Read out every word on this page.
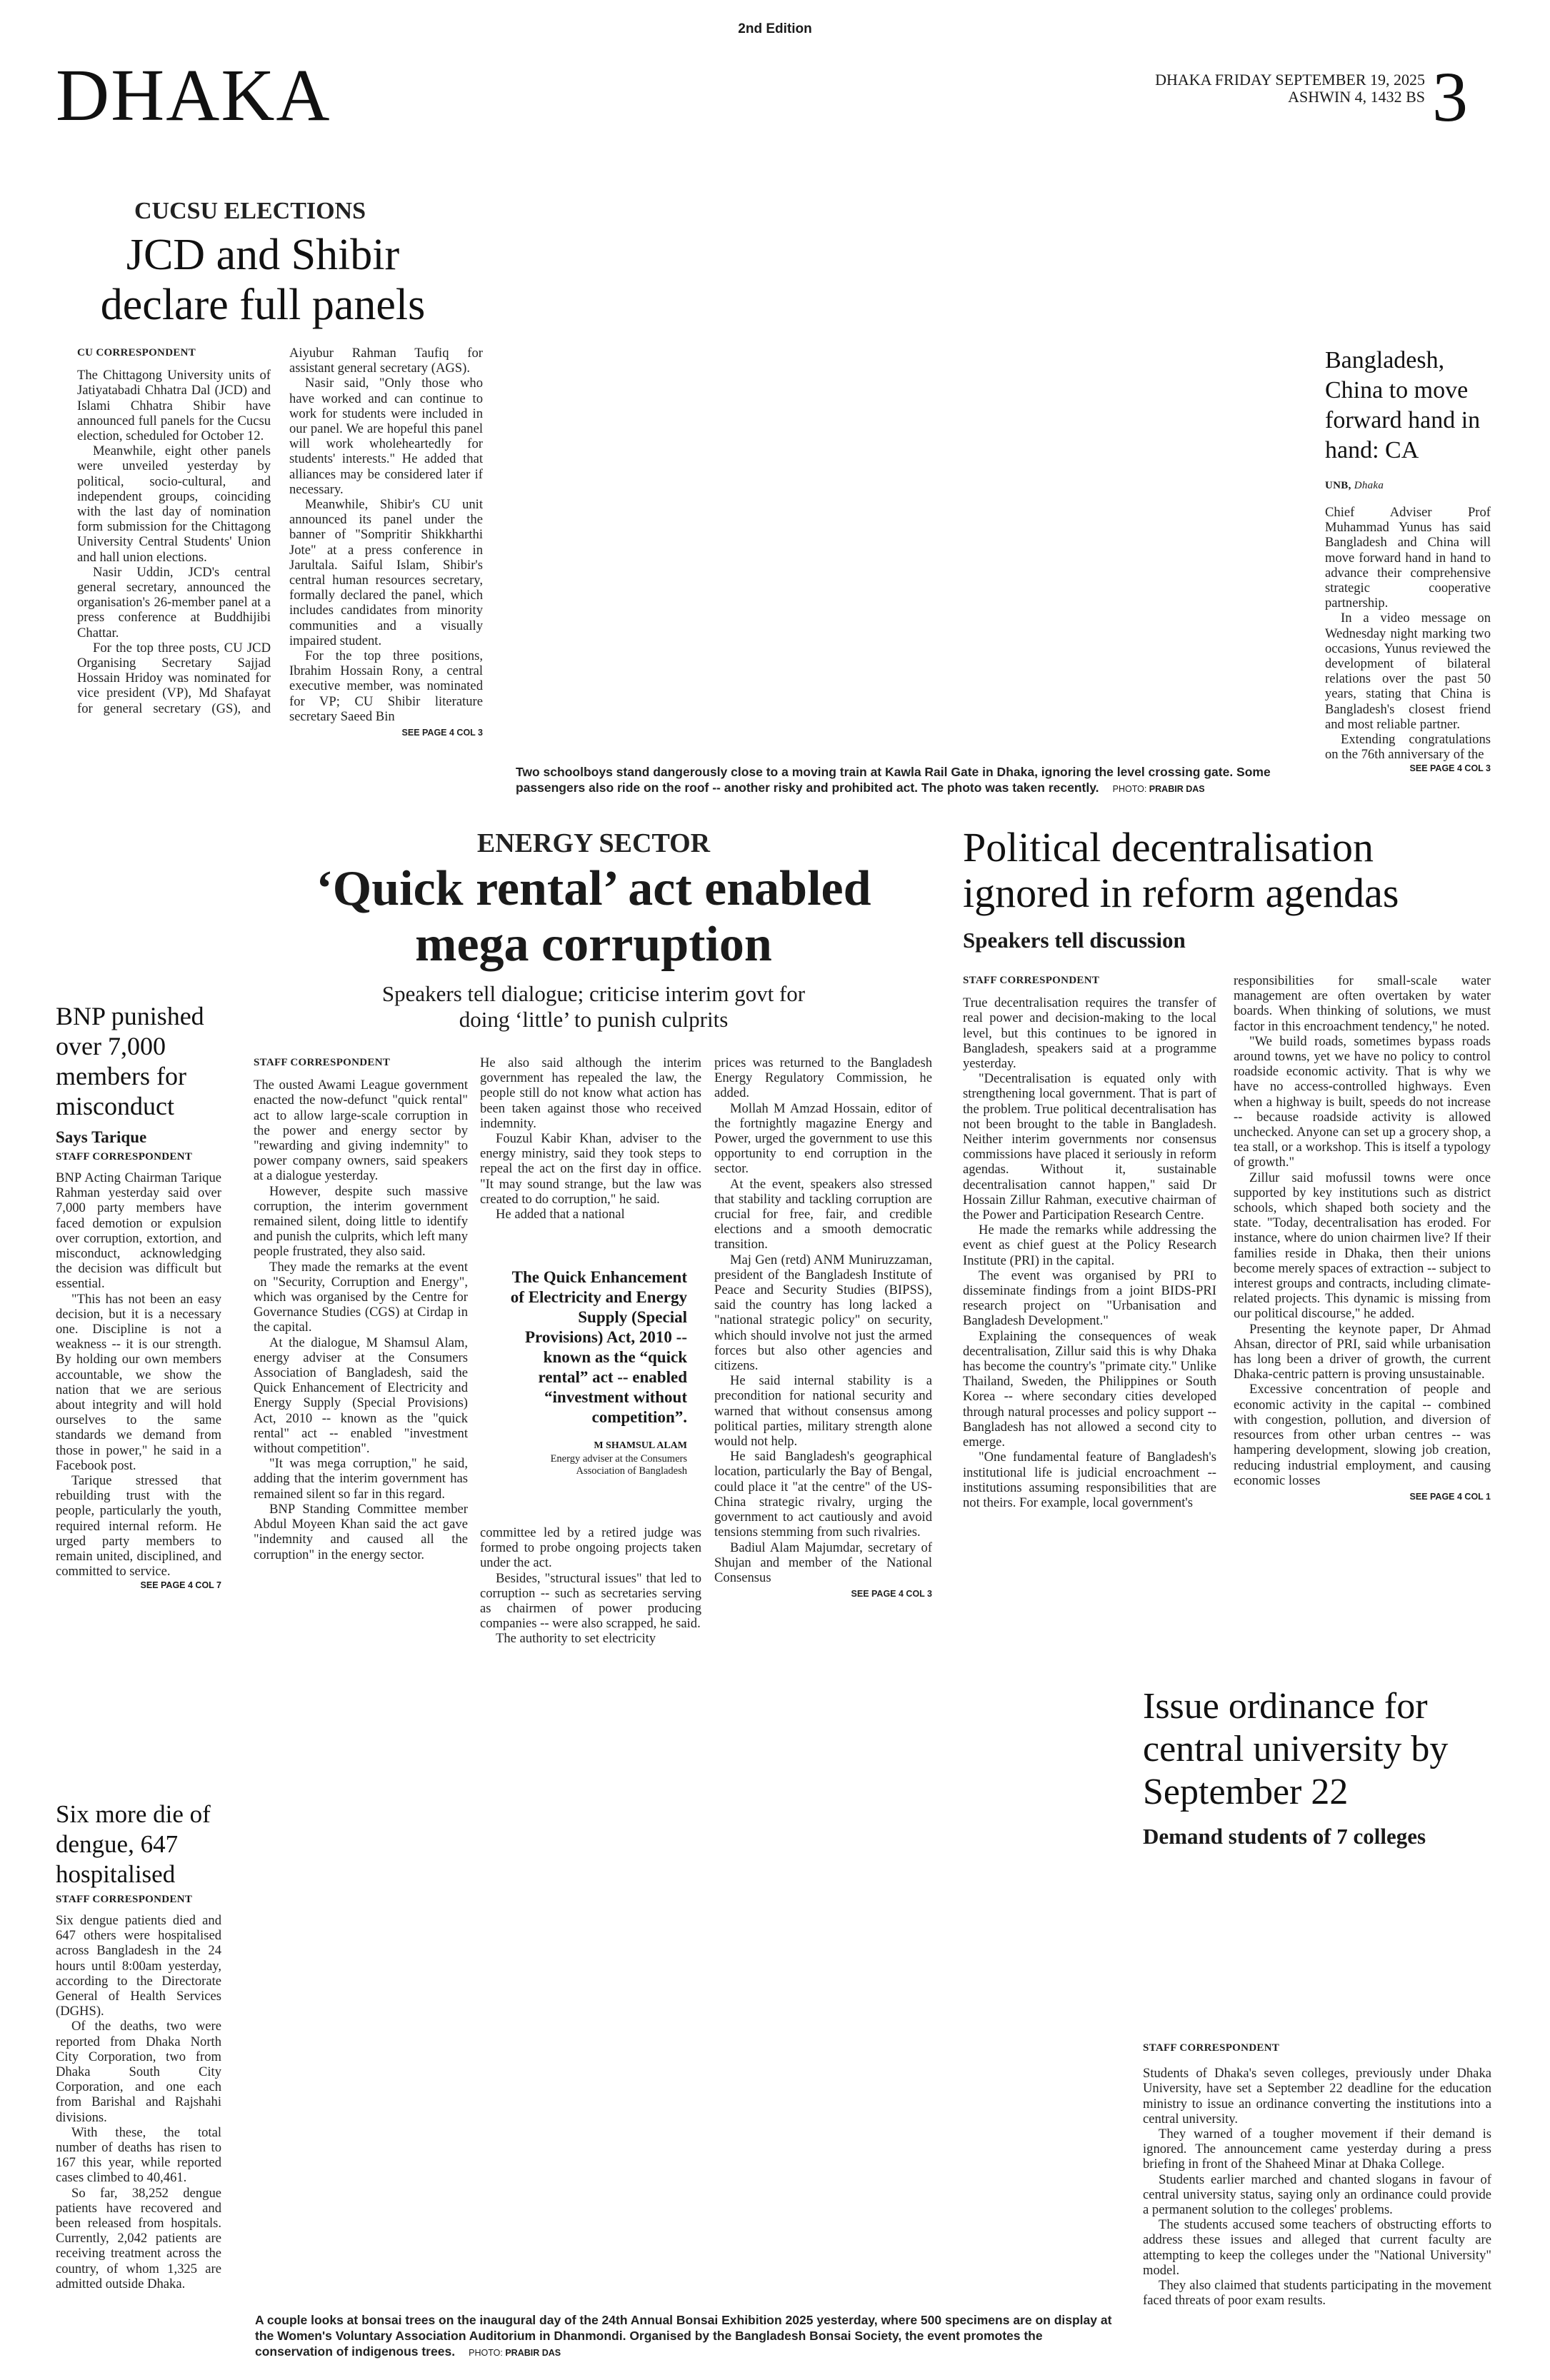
2nd Edition
DHAKA	DHAKA FRIDAY SEPTEMBER 19, 2025
ASHWIN 4, 1432 BS 3
CUCSU ELECTIONS
JCD and Shibir declare full panels
CU CORRESPONDENT

The Chittagong University units of Jatiyatabadi Chhatra Dal (JCD) and Islami Chhatra Shibir have announced full panels for the Cucsu election, scheduled for October 12.

Meanwhile, eight other panels were unveiled yesterday by political, socio-cultural, and independent groups, coinciding with the last day of nomination form submission for the Chittagong University Central Students' Union and hall union elections.

Nasir Uddin, JCD's central general secretary, announced the organisation's 26-member panel at a press conference at Buddhijibi Chattar.

For the top three posts, CU JCD Organising Secretary Sajjad Hossain Hridoy was nominated for vice president (VP), Md Shafayat for general secretary (GS), and Aiyubur Rahman Taufiq for assistant general secretary (AGS).

Nasir said, "Only those who have worked and can continue to work for students were included in our panel. We are hopeful this panel will work wholeheartedly for students' interests." He added that alliances may be considered later if necessary.

Meanwhile, Shibir's CU unit announced its panel under the banner of "Sompritir Shikkharthi Jote" at a press conference in Jarultala. Saiful Islam, Shibir's central human resources secretary, formally declared the panel, which includes candidates from minority communities and a visually impaired student.

For the top three positions, Ibrahim Hossain Rony, a central executive member, was nominated for VP; CU Shibir literature secretary Saeed Bin

SEE PAGE 4 COL 3
Two schoolboys stand dangerously close to a moving train at Kawla Rail Gate in Dhaka, ignoring the level crossing gate. Some passengers also ride on the roof -- another risky and prohibited act. The photo was taken recently. PHOTO: PRABIR DAS
Bangladesh, China to move forward hand in hand: CA
UNB, Dhaka

Chief Adviser Prof Muhammad Yunus has said Bangladesh and China will move forward hand in hand to advance their comprehensive strategic cooperative partnership.

In a video message on Wednesday night marking two occasions, Yunus reviewed the development of bilateral relations over the past 50 years, stating that China is Bangladesh's closest friend and most reliable partner.

Extending congratulations on the 76th anniversary of the

SEE PAGE 4 COL 3
BNP punished over 7,000 members for misconduct
Says Tarique
STAFF CORRESPONDENT

BNP Acting Chairman Tarique Rahman yesterday said over 7,000 party members have faced demotion or expulsion over corruption, extortion, and misconduct, acknowledging the decision was difficult but essential.

"This has not been an easy decision, but it is a necessary one. Discipline is not a weakness -- it is our strength. By holding our own members accountable, we show the nation that we are serious about integrity and will hold ourselves to the same standards we demand from those in power," he said in a Facebook post.

Tarique stressed that rebuilding trust with the people, particularly the youth, required internal reform. He urged party members to remain united, disciplined, and committed to service.

SEE PAGE 4 COL 7
ENERGY SECTOR
‘Quick rental’ act enabled mega corruption
Speakers tell dialogue; criticise interim govt for doing ‘little’ to punish culprits
STAFF CORRESPONDENT

The ousted Awami League government enacted the now-defunct "quick rental" act to allow large-scale corruption in the power and energy sector by "rewarding and giving indemnity" to power company owners, said speakers at a dialogue yesterday.

However, despite such massive corruption, the interim government remained silent, doing little to identify and punish the culprits, which left many people frustrated, they also said.

They made the remarks at the event on "Security, Corruption and Energy", which was organised by the Centre for Governance Studies (CGS) at Cirdap in the capital.

At the dialogue, M Shamsul Alam, energy adviser at the Consumers Association of Bangladesh, said the Quick Enhancement of Electricity and Energy Supply (Special Provisions) Act, 2010 -- known as the "quick rental" act -- enabled "investment without competition".

"It was mega corruption," he said, adding that the interim government has remained silent so far in this regard.

BNP Standing Committee member Abdul Moyeen Khan said the act gave "indemnity and caused all the corruption" in the energy sector.

He also said although the interim government has repealed the law, the people still do not know what action has been taken against those who received indemnity.

Fouzul Kabir Khan, adviser to the energy ministry, said they took steps to repeal the act on the first day in office. "It may sound strange, but the law was created to do corruption," he said.

He added that a national

The Quick Enhancement of Electricity and Energy Supply (Special Provisions) Act, 2010 -- known as the “quick rental” act -- enabled “investment without competition”.
M SHAMSUL ALAM
Energy adviser at the Consumers Association of Bangladesh

committee led by a retired judge was formed to probe ongoing projects taken under the act.

Besides, "structural issues" that led to corruption -- such as secretaries serving as chairmen of power producing companies -- were also scrapped, he said.

The authority to set electricity

prices was returned to the Bangladesh Energy Regulatory Commission, he added.

Mollah M Amzad Hossain, editor of the fortnightly magazine Energy and Power, urged the government to use this opportunity to end corruption in the sector.

At the event, speakers also stressed that stability and tackling corruption are crucial for free, fair, and credible elections and a smooth democratic transition.

Maj Gen (retd) ANM Muniruzzaman, president of the Bangladesh Institute of Peace and Security Studies (BIPSS), said the country has long lacked a "national strategic policy" on security, which should involve not just the armed forces but also other agencies and citizens.

He said internal stability is a precondition for national security and warned that without consensus among political parties, military strength alone would not help.

He said Bangladesh's geographical location, particularly the Bay of Bengal, could place it "at the centre" of the US-China strategic rivalry, urging the government to act cautiously and avoid tensions stemming from such rivalries.

Badiul Alam Majumdar, secretary of Shujan and member of the National Consensus

SEE PAGE 4 COL 3
Political decentralisation ignored in reform agendas
Speakers tell discussion
STAFF CORRESPONDENT

True decentralisation requires the transfer of real power and decision-making to the local level, but this continues to be ignored in Bangladesh, speakers said at a programme yesterday.

"Decentralisation is equated only with strengthening local government. That is part of the problem. True political decentralisation has not been brought to the table in Bangladesh. Neither interim governments nor consensus commissions have placed it seriously in reform agendas. Without it, sustainable decentralisation cannot happen," said Dr Hossain Zillur Rahman, executive chairman of the Power and Participation Research Centre.

He made the remarks while addressing the event as chief guest at the Policy Research Institute (PRI) in the capital.

The event was organised by PRI to disseminate findings from a joint BIDS-PRI research project on "Urbanisation and Bangladesh Development."

Explaining the consequences of weak decentralisation, Zillur said this is why Dhaka has become the country's "primate city." Unlike Thailand, Sweden, the Philippines or South Korea -- where secondary cities developed through natural processes and policy support -- Bangladesh has not allowed a second city to emerge.

"One fundamental feature of Bangladesh's institutional life is judicial encroachment -- institutions assuming responsibilities that are not theirs. For example, local government's

responsibilities for small-scale water management are often overtaken by water boards. When thinking of solutions, we must factor in this encroachment tendency," he noted.

"We build roads, sometimes bypass roads around towns, yet we have no policy to control roadside economic activity. That is why we have no access-controlled highways. Even when a highway is built, speeds do not increase -- because roadside activity is allowed unchecked. Anyone can set up a grocery shop, a tea stall, or a workshop. This is itself a typology of growth."

Zillur said mofussil towns were once supported by key institutions such as district schools, which shaped both society and the state. "Today, decentralisation has eroded. For instance, where do union chairmen live? If their families reside in Dhaka, then their unions become merely spaces of extraction -- subject to interest groups and contracts, including climate-related projects. This dynamic is missing from our political discourse," he added.

Presenting the keynote paper, Dr Ahmad Ahsan, director of PRI, said while urbanisation has long been a driver of growth, the current Dhaka-centric pattern is proving unsustainable.

Excessive concentration of people and economic activity in the capital -- combined with congestion, pollution, and diversion of resources from other urban centres -- was hampering development, slowing job creation, reducing industrial employment, and causing economic losses

SEE PAGE 4 COL 1
Six more die of dengue, 647 hospitalised
STAFF CORRESPONDENT

Six dengue patients died and 647 others were hospitalised across Bangladesh in the 24 hours until 8:00am yesterday, according to the Directorate General of Health Services (DGHS).

Of the deaths, two were reported from Dhaka North City Corporation, two from Dhaka South City Corporation, and one each from Barishal and Rajshahi divisions.

With these, the total number of deaths has risen to 167 this year, while reported cases climbed to 40,461.

So far, 38,252 dengue patients have recovered and been released from hospitals. Currently, 2,042 patients are receiving treatment across the country, of whom 1,325 are admitted outside Dhaka.

A couple looks at bonsai trees on the inaugural day of the 24th Annual Bonsai Exhibition 2025 yesterday, where 500 specimens are on display at the Women's Voluntary Association Auditorium in Dhanmondi. Organised by the Bangladesh Bonsai Society, the event promotes the conservation of indigenous trees. PHOTO: PRABIR DAS
Issue ordinance for central university by September 22
Demand students of 7 colleges
STAFF CORRESPONDENT

Students of Dhaka's seven colleges, previously under Dhaka University, have set a September 22 deadline for the education ministry to issue an ordinance converting the institutions into a central university.

They warned of a tougher movement if their demand is ignored. The announcement came yesterday during a press briefing in front of the Shaheed Minar at Dhaka College.

Students earlier marched and chanted slogans in favour of central university status, saying only an ordinance could provide a permanent solution to the colleges' problems.

The students accused some teachers of obstructing efforts to address these issues and alleged that current faculty are attempting to keep the colleges under the "National University" model.

They also claimed that students participating in the movement faced threats of poor exam results.
